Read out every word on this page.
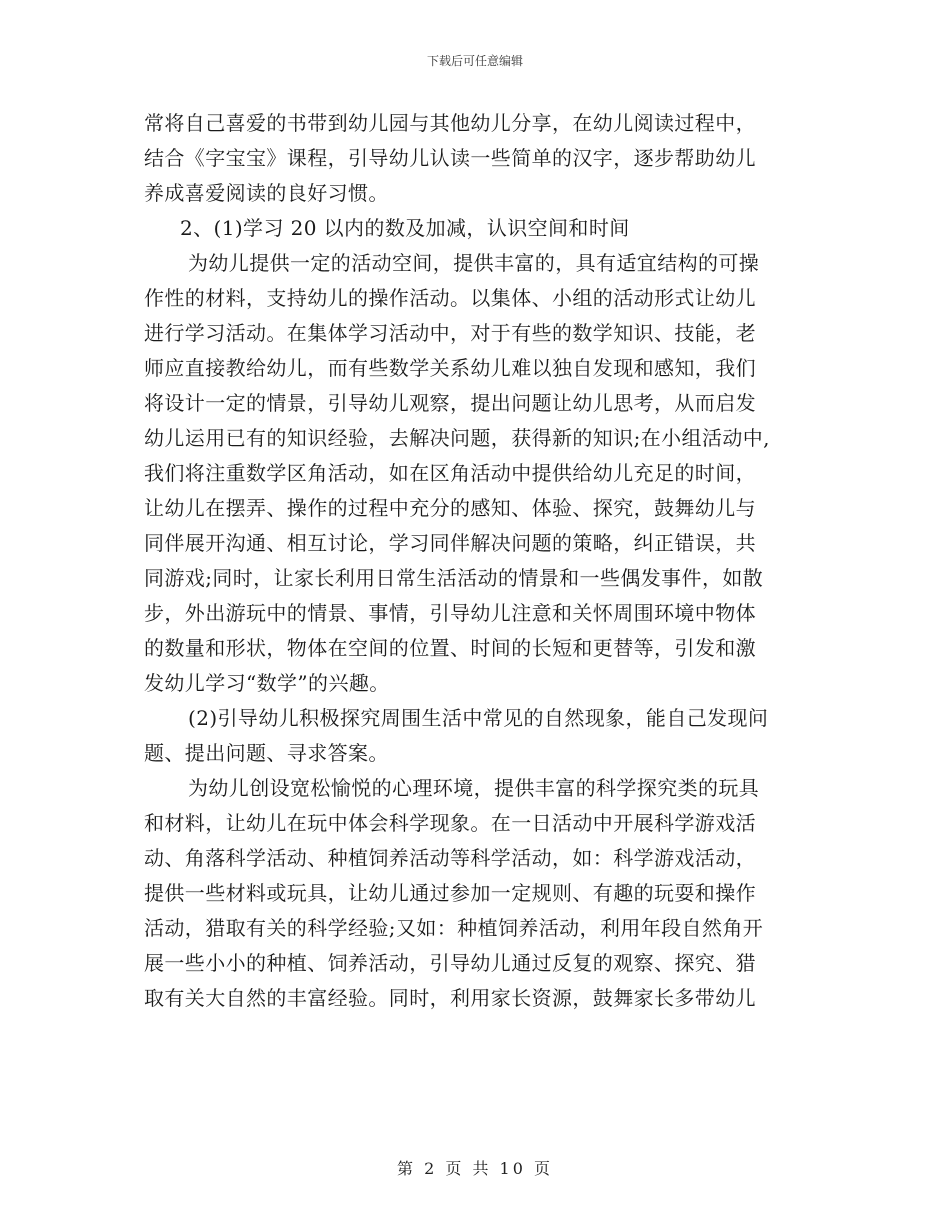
下载后可任意编辑
常将自己喜爱的书带到幼儿园与其他幼儿分享，在幼儿阅读过程中，
结合《字宝宝》课程，引导幼儿认读一些简单的汉字，逐步帮助幼儿
养成喜爱阅读的良好习惯。
2、(1)学习 20 以内的数及加减，认识空间和时间
为幼儿提供一定的活动空间，提供丰富的，具有适宜结构的可操
作性的材料，支持幼儿的操作活动。以集体、小组的活动形式让幼儿
进行学习活动。在集体学习活动中，对于有些的数学知识、技能，老
师应直接教给幼儿，而有些数学关系幼儿难以独自发现和感知，我们
将设计一定的情景，引导幼儿观察，提出问题让幼儿思考，从而启发
幼儿运用已有的知识经验，去解决问题，获得新的知识;在小组活动中,
我们将注重数学区角活动，如在区角活动中提供给幼儿充足的时间，
让幼儿在摆弄、操作的过程中充分的感知、体验、探究，鼓舞幼儿与
同伴展开沟通、相互讨论，学习同伴解决问题的策略，纠正错误，共
同游戏;同时，让家长利用日常生活活动的情景和一些偶发事件，如散
步，外出游玩中的情景、事情，引导幼儿注意和关怀周围环境中物体
的数量和形状，物体在空间的位置、时间的长短和更替等，引发和激
发幼儿学习“数学”的兴趣。
(2)引导幼儿积极探究周围生活中常见的自然现象，能自己发现问
题、提出问题、寻求答案。
为幼儿创设宽松愉悦的心理环境，提供丰富的科学探究类的玩具
和材料，让幼儿在玩中体会科学现象。在一日活动中开展科学游戏活
动、角落科学活动、种植饲养活动等科学活动，如：科学游戏活动，
提供一些材料或玩具，让幼儿通过参加一定规则、有趣的玩耍和操作
活动，猎取有关的科学经验;又如：种植饲养活动，利用年段自然角开
展一些小小的种植、饲养活动，引导幼儿通过反复的观察、探究、猎
取有关大自然的丰富经验。同时，利用家长资源，鼓舞家长多带幼儿
第 2 页 共 10 页
